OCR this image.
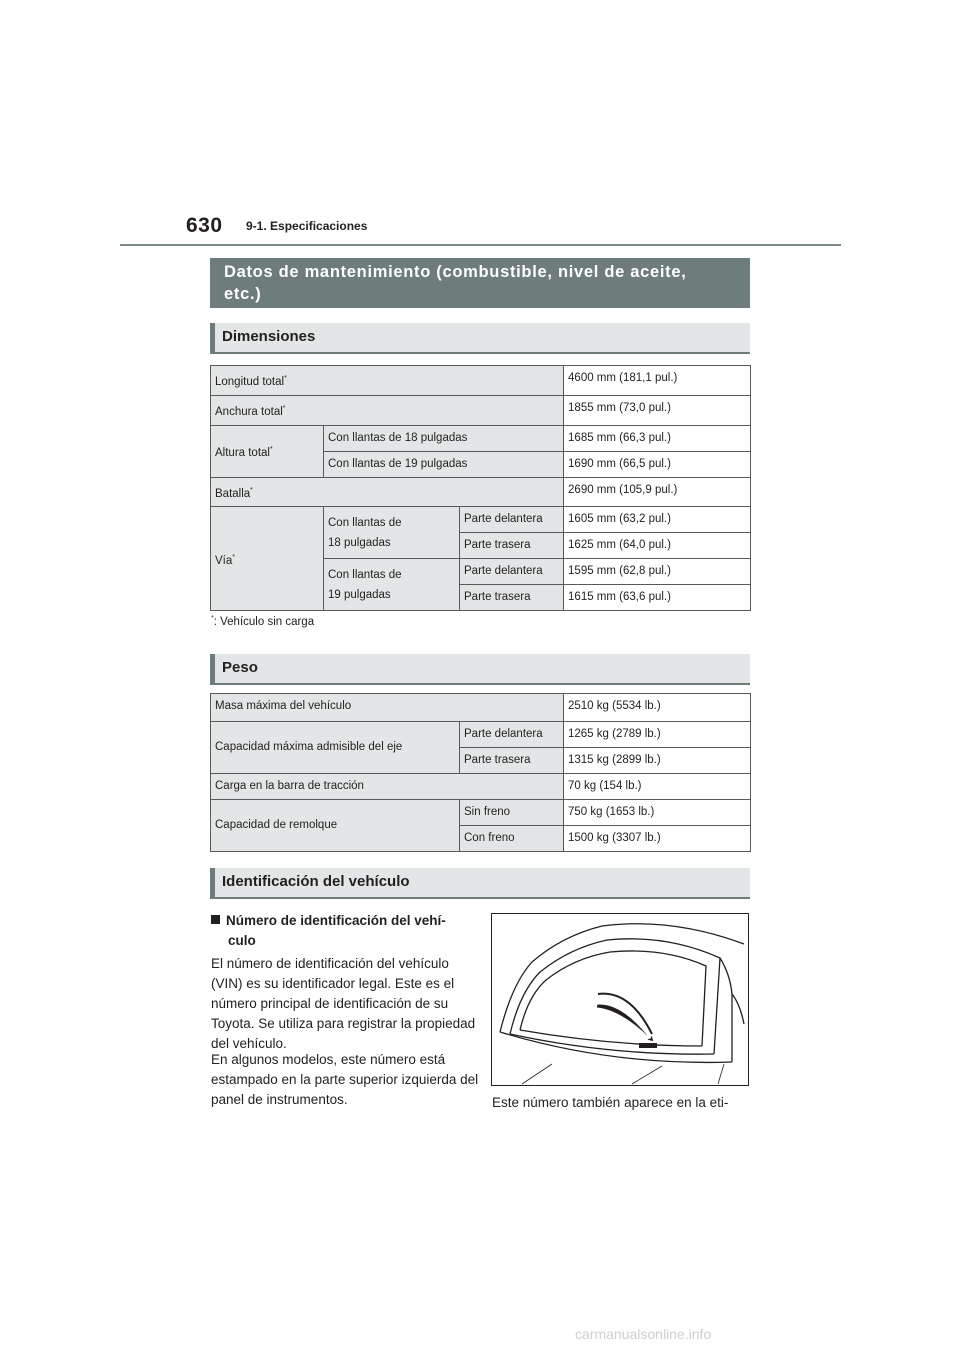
630 9-1. Especificaciones
Datos de mantenimiento (combustible, nivel de aceite,
etc.)
Dimensiones
Longitud total*			4600 mm (181,1 pul.)
Anchura total*			1855 mm (73,0 pul.)
Altura total*	Con llantas de 18 pulgadas		1685 mm (66,3 pul.)
	Con llantas de 19 pulgadas		1690 mm (66,5 pul.)
Batalla*			2690 mm (105,9 pul.)
Vía*	Con llantas de
18 pulgadas	Parte delantera	1605 mm (63,2 pul.)
		Parte trasera	1625 mm (64,0 pul.)

	Con llantas de
19 pulgadas	Parte delantera	1595 mm (62,8 pul.)
		Parte trasera	1615 mm (63,6 pul.)
*: Vehículo sin carga
Peso
Masa máxima del vehículo		2510 kg (5534 lb.)
Capacidad máxima admisible del eje	Parte delantera	1265 kg (2789 lb.)
	Parte trasera	1315 kg (2899 lb.)
Carga en la barra de tracción		70 kg (154 lb.)
Capacidad de remolque	Sin freno	750 kg (1653 lb.)
	Con freno	1500 kg (3307 lb.)
Identificación del vehículo
Número de identificación del vehí-
culo
El número de identificación del vehículo (VIN) es su identificador legal. Este es el número principal de identificación de su Toyota. Se utiliza para registrar la propiedad del vehículo.
En algunos modelos, este número está estampado en la parte superior izquierda del panel de instrumentos.	Este número también aparece en la eti-
carmanualsonline.info
